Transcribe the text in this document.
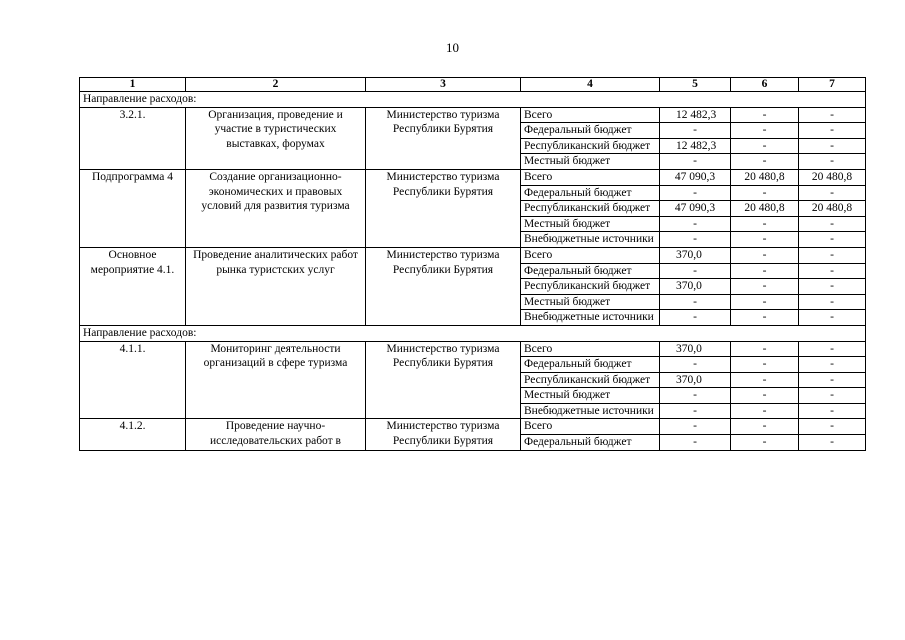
10
1	2	3	4	5	6	7
Направление расходов:						
3.2.1.	Организация, проведение и участие в туристических выставках, форумах	Министерство туризма Республики Бурятия	Всего	12 482,3	-	-
			Федеральный бюджет	-	-	-
			Республиканский бюджет	12 482,3	-	-
			Местный бюджет	-	-	-
Подпрограмма 4	Создание организационно-экономических и правовых условий для развития туризма	Министерство туризма Республики Бурятия	Всего	47 090,3	20 480,8	20 480,8
			Федеральный бюджет	-	-	-
			Республиканский бюджет	47 090,3	20 480,8	20 480,8
			Местный бюджет	-	-	-
			Внебюджетные источники	-	-	-
Основное мероприятие 4.1.	Проведение аналитических работ рынка туристских услуг	Министерство туризма Республики Бурятия	Всего	370,0	-	-
			Федеральный бюджет	-	-	-
			Республиканский бюджет	370,0	-	-
			Местный бюджет	-	-	-
			Внебюджетные источники	-	-	-
Направление расходов:						
4.1.1.	Мониторинг деятельности организаций в сфере туризма	Министерство туризма Республики Бурятия	Всего	370,0	-	-
			Федеральный бюджет	-	-	-
			Республиканский бюджет	370,0	-	-
			Местный бюджет	-	-	-
			Внебюджетные источники	-	-	-
4.1.2.	Проведение научно-исследовательских работ в	Министерство туризма Республики Бурятия	Всего	-	-	-
			Федеральный бюджет	-	-	-
